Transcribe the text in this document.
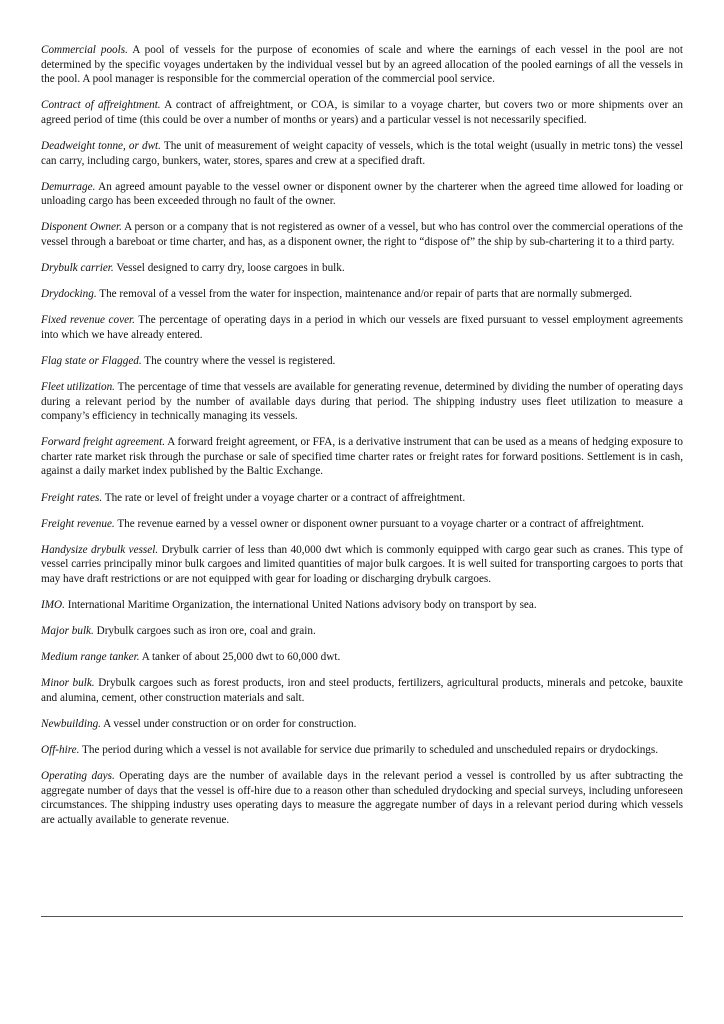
Commercial pools. A pool of vessels for the purpose of economies of scale and where the earnings of each vessel in the pool are not determined by the specific voyages undertaken by the individual vessel but by an agreed allocation of the pooled earnings of all the vessels in the pool. A pool manager is responsible for the commercial operation of the commercial pool service.

Contract of affreightment. A contract of affreightment, or COA, is similar to a voyage charter, but covers two or more shipments over an agreed period of time (this could be over a number of months or years) and a particular vessel is not necessarily specified.

Deadweight tonne, or dwt. The unit of measurement of weight capacity of vessels, which is the total weight (usually in metric tons) the vessel can carry, including cargo, bunkers, water, stores, spares and crew at a specified draft.

Demurrage. An agreed amount payable to the vessel owner or disponent owner by the charterer when the agreed time allowed for loading or unloading cargo has been exceeded through no fault of the owner.

Disponent Owner. A person or a company that is not registered as owner of a vessel, but who has control over the commercial operations of the vessel through a bareboat or time charter, and has, as a disponent owner, the right to “dispose of” the ship by sub-chartering it to a third party.

Drybulk carrier. Vessel designed to carry dry, loose cargoes in bulk.

Drydocking. The removal of a vessel from the water for inspection, maintenance and/or repair of parts that are normally submerged.

Fixed revenue cover. The percentage of operating days in a period in which our vessels are fixed pursuant to vessel employment agreements into which we have already entered.

Flag state or Flagged. The country where the vessel is registered.

Fleet utilization. The percentage of time that vessels are available for generating revenue, determined by dividing the number of operating days during a relevant period by the number of available days during that period. The shipping industry uses fleet utilization to measure a company’s efficiency in technically managing its vessels.

Forward freight agreement. A forward freight agreement, or FFA, is a derivative instrument that can be used as a means of hedging exposure to charter rate market risk through the purchase or sale of specified time charter rates or freight rates for forward positions. Settlement is in cash, against a daily market index published by the Baltic Exchange.

Freight rates. The rate or level of freight under a voyage charter or a contract of affreightment.

Freight revenue. The revenue earned by a vessel owner or disponent owner pursuant to a voyage charter or a contract of affreightment.

Handysize drybulk vessel. Drybulk carrier of less than 40,000 dwt which is commonly equipped with cargo gear such as cranes. This type of vessel carries principally minor bulk cargoes and limited quantities of major bulk cargoes. It is well suited for transporting cargoes to ports that may have draft restrictions or are not equipped with gear for loading or discharging drybulk cargoes.

IMO. International Maritime Organization, the international United Nations advisory body on transport by sea.

Major bulk. Drybulk cargoes such as iron ore, coal and grain.

Medium range tanker. A tanker of about 25,000 dwt to 60,000 dwt.

Minor bulk. Drybulk cargoes such as forest products, iron and steel products, fertilizers, agricultural products, minerals and petcoke, bauxite and alumina, cement, other construction materials and salt.

Newbuilding. A vessel under construction or on order for construction.

Off-hire. The period during which a vessel is not available for service due primarily to scheduled and unscheduled repairs or drydockings.

Operating days. Operating days are the number of available days in the relevant period a vessel is controlled by us after subtracting the aggregate number of days that the vessel is off-hire due to a reason other than scheduled drydocking and special surveys, including unforeseen circumstances. The shipping industry uses operating days to measure the aggregate number of days in a relevant period during which vessels are actually available to generate revenue.
